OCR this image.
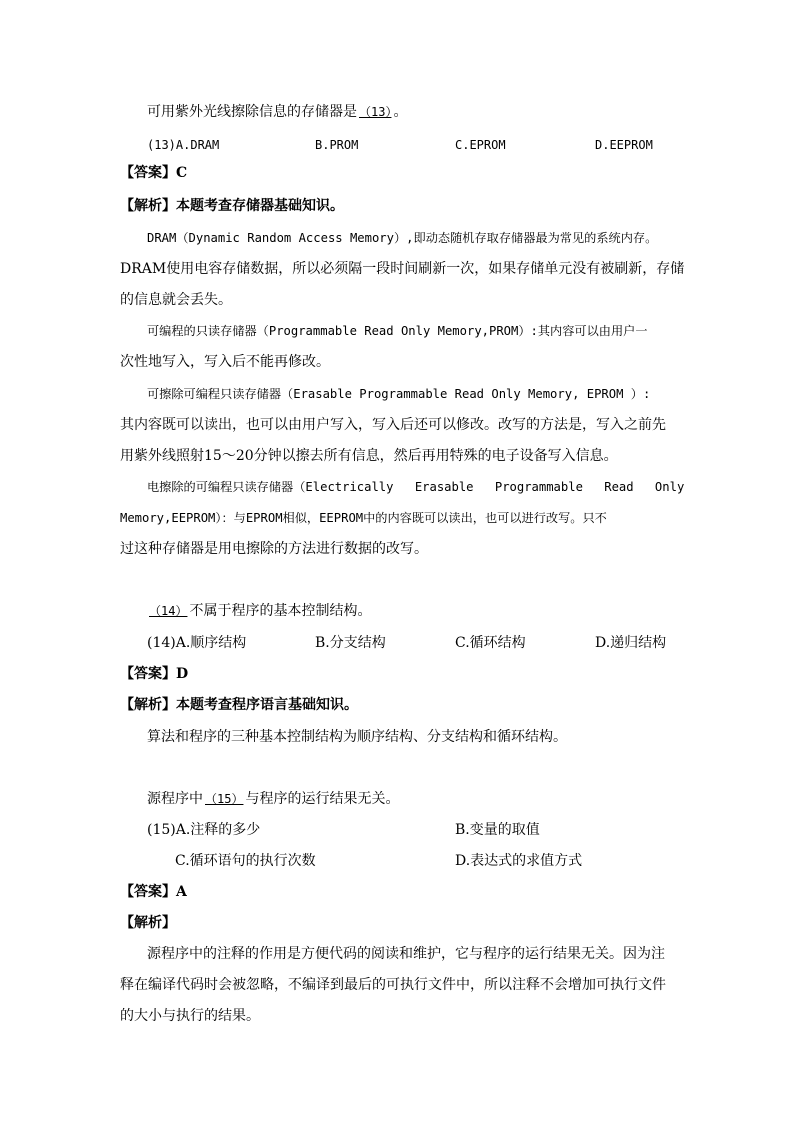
可用紫外光线擦除信息的存储器是 （13） 。
(13)A.DRAM	B.PROM	C.EPROM	D.EEPROM
【答案】C
【解析】本题考查存储器基础知识。
DRAM（Dynamic Random Access Memory）,即动态随机存取存储器最为常见的系统内存。
DRAM使用电容存储数据，所以必须隔一段时间刷新一次，如果存储单元没有被刷新，存储
的信息就会丢失。
可编程的只读存储器（Programmable Read Only Memory,PROM）:其内容可以由用户一
次性地写入，写入后不能再修改。
可擦除可编程只读存储器（Erasable Programmable Read Only Memory, EPROM ）:
其内容既可以读出，也可以由用户写入，写入后还可以修改。改写的方法是，写入之前先
用紫外线照射15～20分钟以擦去所有信息，然后再用特殊的电子设备写入信息。
电擦除的可编程只读存储器（Electrically Erasable Programmable Read Only
Memory,EEPROM）：与EPROM相似，EEPROM中的内容既可以读出，也可以进行改写。只不
过这种存储器是用电擦除的方法进行数据的改写。
（14） 不属于程序的基本控制结构。
(14)A.顺序结构	B.分支结构	C.循环结构	D.递归结构
【答案】D
【解析】本题考查程序语言基础知识。
算法和程序的三种基本控制结构为顺序结构、分支结构和循环结构。
源程序中 （15） 与程序的运行结果无关。
(15)A.注释的多少	B.变量的取值
C.循环语句的执行次数	D.表达式的求值方式
【答案】A
【解析】
源程序中的注释的作用是方便代码的阅读和维护，它与程序的运行结果无关。因为注
释在编译代码时会被忽略，不编译到最后的可执行文件中，所以注释不会增加可执行文件
的大小与执行的结果。
